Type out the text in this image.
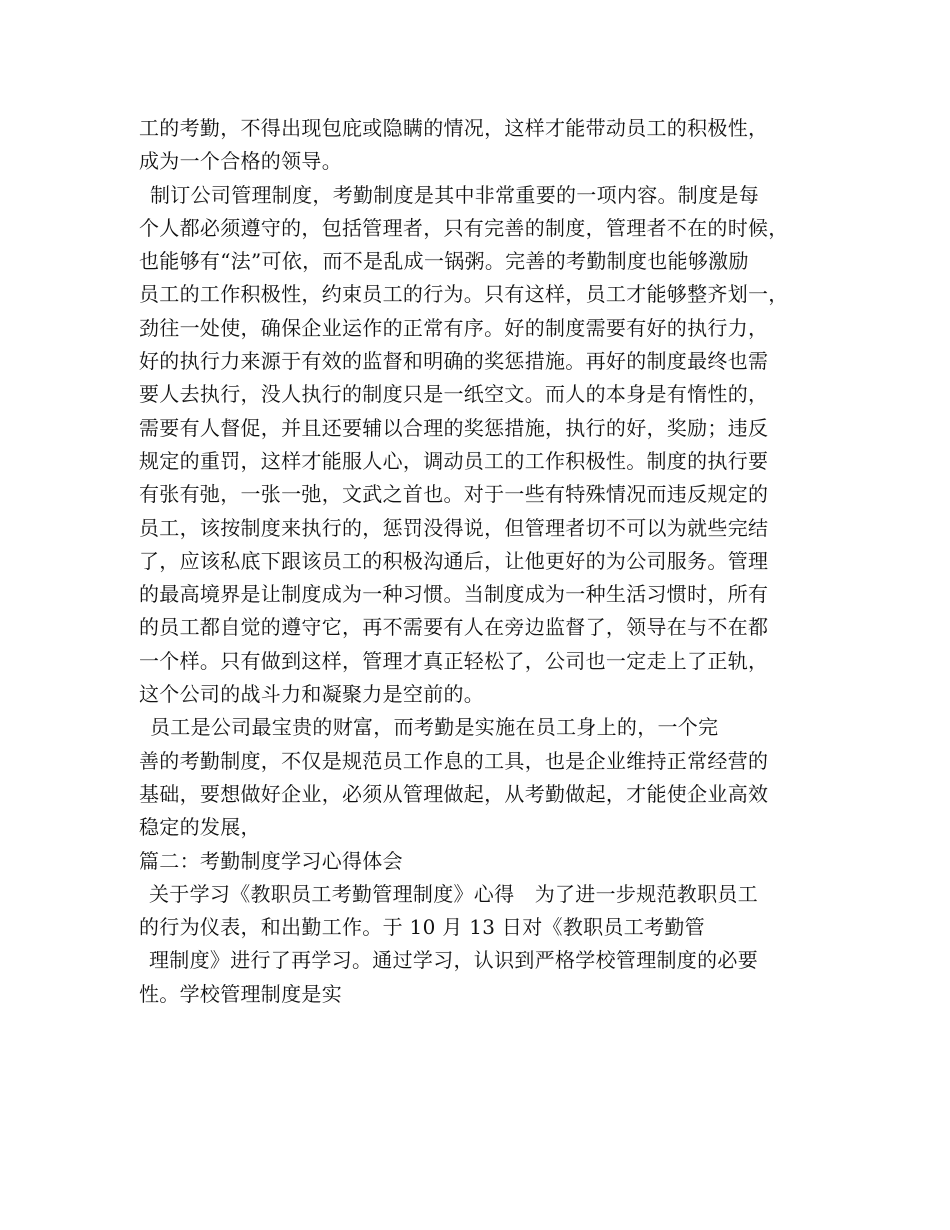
工的考勤，不得出现包庇或隐瞒的情况，这样才能带动员工的积极性，
成为一个合格的领导。
制订公司管理制度，考勤制度是其中非常重要的一项内容。制度是每
个人都必须遵守的，包括管理者，只有完善的制度，管理者不在的时候，
也能够有“法”可依，而不是乱成一锅粥。完善的考勤制度也能够激励
员工的工作积极性，约束员工的行为。只有这样，员工才能够整齐划一，
劲往一处使，确保企业运作的正常有序。好的制度需要有好的执行力，
好的执行力来源于有效的监督和明确的奖惩措施。再好的制度最终也需
要人去执行，没人执行的制度只是一纸空文。而人的本身是有惰性的，
需要有人督促，并且还要辅以合理的奖惩措施，执行的好，奖励；违反
规定的重罚，这样才能服人心，调动员工的工作积极性。制度的执行要
有张有弛，一张一弛，文武之首也。对于一些有特殊情况而违反规定的
员工，该按制度来执行的，惩罚没得说，但管理者切不可以为就些完结
了，应该私底下跟该员工的积极沟通后，让他更好的为公司服务。管理
的最高境界是让制度成为一种习惯。当制度成为一种生活习惯时，所有
的员工都自觉的遵守它，再不需要有人在旁边监督了，领导在与不在都
一个样。只有做到这样，管理才真正轻松了，公司也一定走上了正轨，
这个公司的战斗力和凝聚力是空前的。
员工是公司最宝贵的财富，而考勤是实施在员工身上的，一个完
善的考勤制度，不仅是规范员工作息的工具，也是企业维持正常经营的
基础，要想做好企业，必须从管理做起，从考勤做起，才能使企业高效
稳定的发展，
篇二：考勤制度学习心得体会
关于学习《教职员工考勤管理制度》心得　为了进一步规范教职员工
的行为仪表，和出勤工作。于 10 月 13 日对《教职员工考勤管
理制度》进行了再学习。通过学习，认识到严格学校管理制度的必要
性。学校管理制度是实
